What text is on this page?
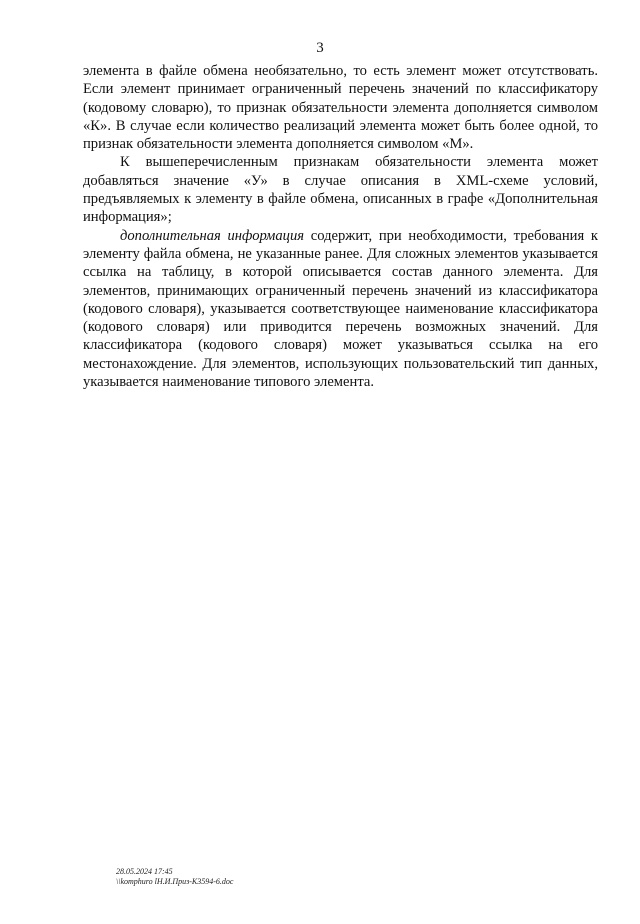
3

элемента в файле обмена необязательно, то есть элемент может отсутствовать. Если элемент принимает ограниченный перечень значений по классификатору (кодовому словарю), то признак обязательности элемента дополняется символом «К». В случае если количество реализаций элемента может быть более одной, то признак обязательности элемента дополняется символом «М».

К вышеперечисленным признакам обязательности элемента может добавляться значение «У» в случае описания в XML-схеме условий, предъявляемых к элементу в файле обмена, описанных в графе «Дополнительная информация»;

дополнительная информация содержит, при необходимости, требования к элементу файла обмена, не указанные ранее. Для сложных элементов указывается ссылка на таблицу, в которой описывается состав данного элемента. Для элементов, принимающих ограниченный перечень значений из классификатора (кодового словаря), указывается соответствующее наименование классификатора (кодового словаря) или приводится перечень возможных значений. Для классификатора (кодового словаря) может указываться ссылка на его местонахождение. Для элементов, использующих пользовательский тип данных, указывается наименование типового элемента.

28.05.2024 17:45
\\komphuro lH.И.Приз-К3594-6.doc
